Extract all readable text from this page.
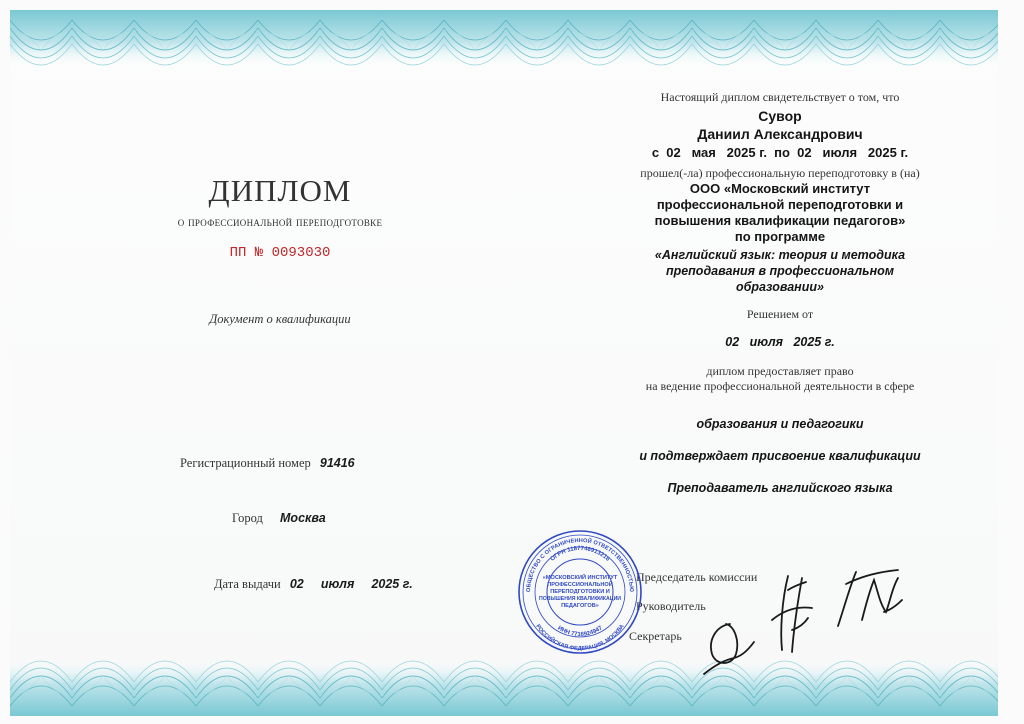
ДИПЛОМ
о профессиональной переподготовке
ПП № 0093030
Документ о квалификации
Регистрационный номер 91416
Город Москва
Дата выдачи 02 июля 2025 г.
Настоящий диплом свидетельствует о том, что
Сувор
Даниил Александрович
с  02   мая   2025 г.  по  02   июля   2025 г.
прошел(-ла) профессиональную переподготовку в (на)
ООО «Московский институт
профессиональной переподготовки и
повышения квалификации педагогов»
по программе
«Английский язык: теория и методика
преподавания в профессиональном
образовании»
Решением от
02   июля   2025 г.
диплом предоставляет право
на ведение профессиональной деятельности в сфере
образования и педагогики
и подтверждает присвоение квалификации
Преподаватель английского языка
Председатель комиссии
Руководитель
Секретарь
ОБЩЕСТВО С ОГРАНИЧЕННОЙ ОТВЕТСТВЕННОСТЬЮ
ОГРН 1187746913216
ИНН 7716924947
РОССИЙСКАЯ ФЕДЕРАЦИЯ, МОСКВА
«МОСКОВСКИЙ ИНСТИТУТ
ПРОФЕССИОНАЛЬНОЙ
ПЕРЕПОДГОТОВКИ И
ПОВЫШЕНИЯ КВАЛИФИКАЦИИ
ПЕДАГОГОВ»
